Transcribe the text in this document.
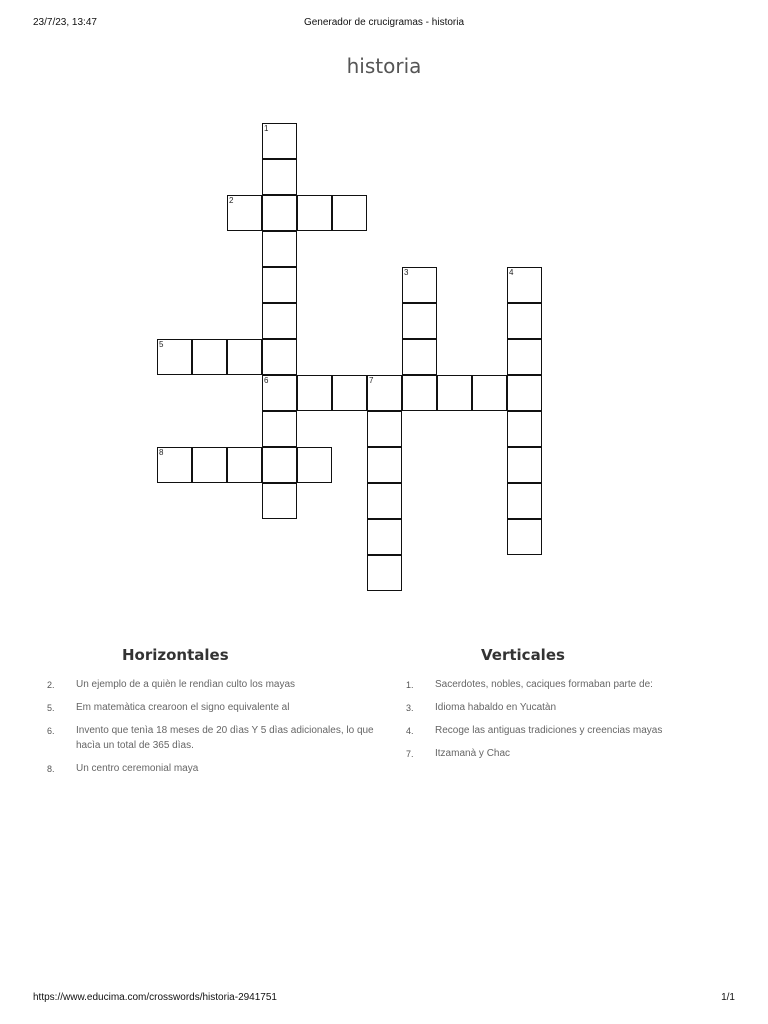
23/7/23, 13:47	Generador de crucigramas - historia
historia
1
6
2
3	4
5
7
8
Horizontales	Verticales
2. Un ejemplo de a quièn le rendìan culto los mayas
5. Em matemàtica crearoon el signo equivalente al
6. Invento que tenìa 18 meses de 20 dìas Y 5 dìas adicionales, lo que hacìa un total de 365 dìas.
8. Un centro ceremonial maya
1. Sacerdotes, nobles, caciques formaban parte de:
3. Idioma habaldo en Yucatàn
4. Recoge las antiguas tradiciones y creencias mayas
7. Itzamanà y Chac
https://www.educima.com/crosswords/historia-2941751	1/1
